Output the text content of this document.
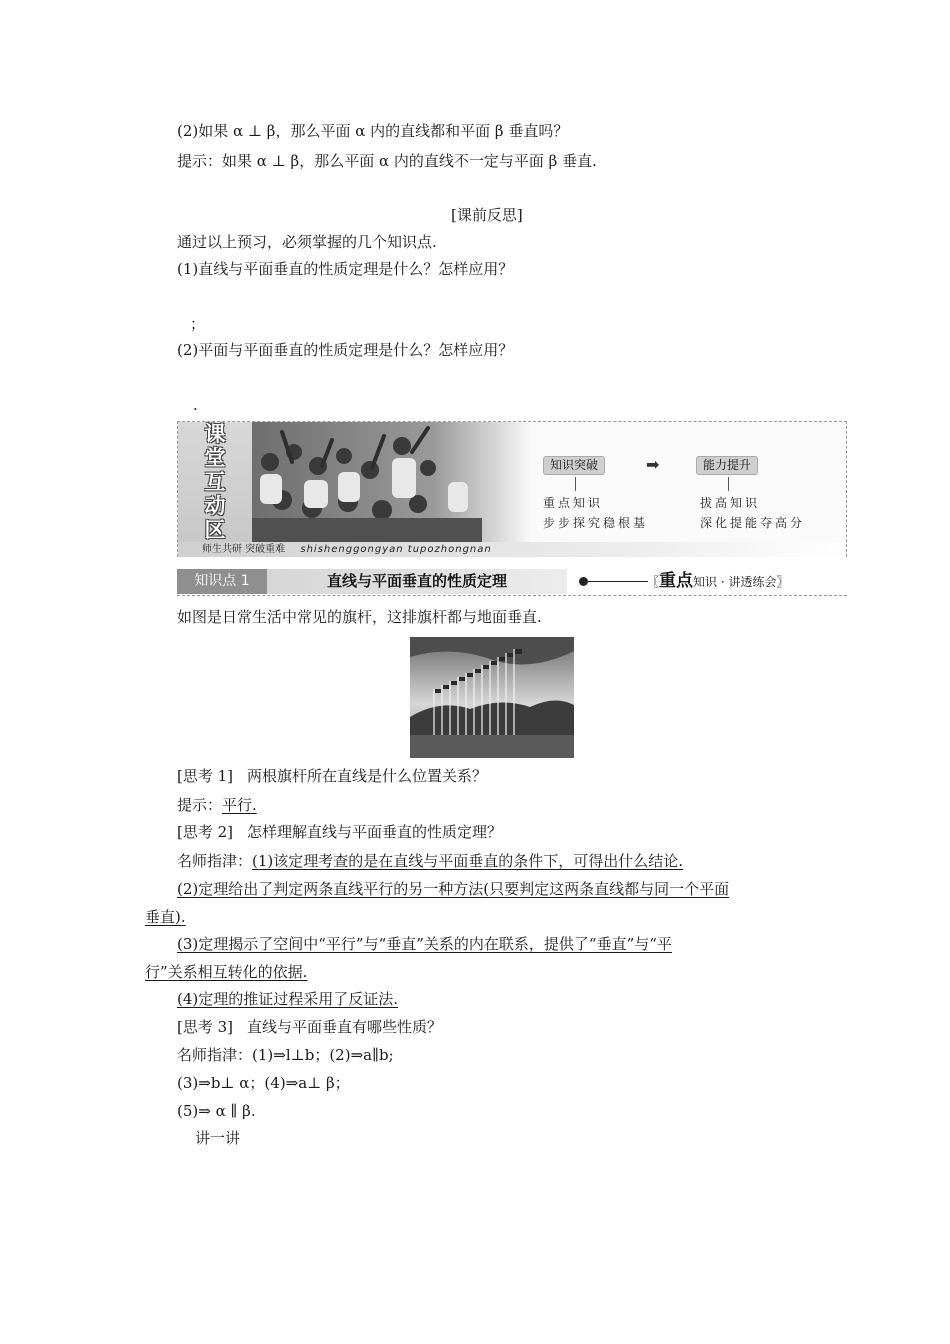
(2)如果 α ⊥ β，那么平面 α 内的直线都和平面 β 垂直吗？
提示：如果 α ⊥ β，那么平面 α 内的直线不一定与平面 β 垂直.
[课前反思]
通过以上预习，必须掌握的几个知识点.
(1)直线与平面垂直的性质定理是什么？怎样应用？
；
(2)平面与平面垂直的性质定理是什么？怎样应用？
.
课
堂
互
动
区
知识突破	➡	能力提升
重点知识
步步探究稳根基
拔高知识
深化提能夺高分
师生共研 突破重难 shishenggongyan tupozhongnan
知识点 1	直线与平面垂直的性质定理	〖重点知识 · 讲透练会〗
如图是日常生活中常见的旗杆，这排旗杆都与地面垂直.
[思考 1] 两根旗杆所在直线是什么位置关系？
提示：平行.
[思考 2] 怎样理解直线与平面垂直的性质定理？
名师指津：(1)该定理考查的是在直线与平面垂直的条件下，可得出什么结论.
(2)定理给出了判定两条直线平行的另一种方法(只要判定这两条直线都与同一个平面
垂直).
(3)定理揭示了空间中“平行”与“垂直”关系的内在联系，提供了“垂直”与“平
行”关系相互转化的依据.
(4)定理的推证过程采用了反证法.
[思考 3] 直线与平面垂直有哪些性质？
名师指津：(1)⇒l⊥b；(2)⇒a∥b;
(3)⇒b⊥ α；(4)⇒a⊥ β；
(5)⇒ α ∥ β.
讲一讲
